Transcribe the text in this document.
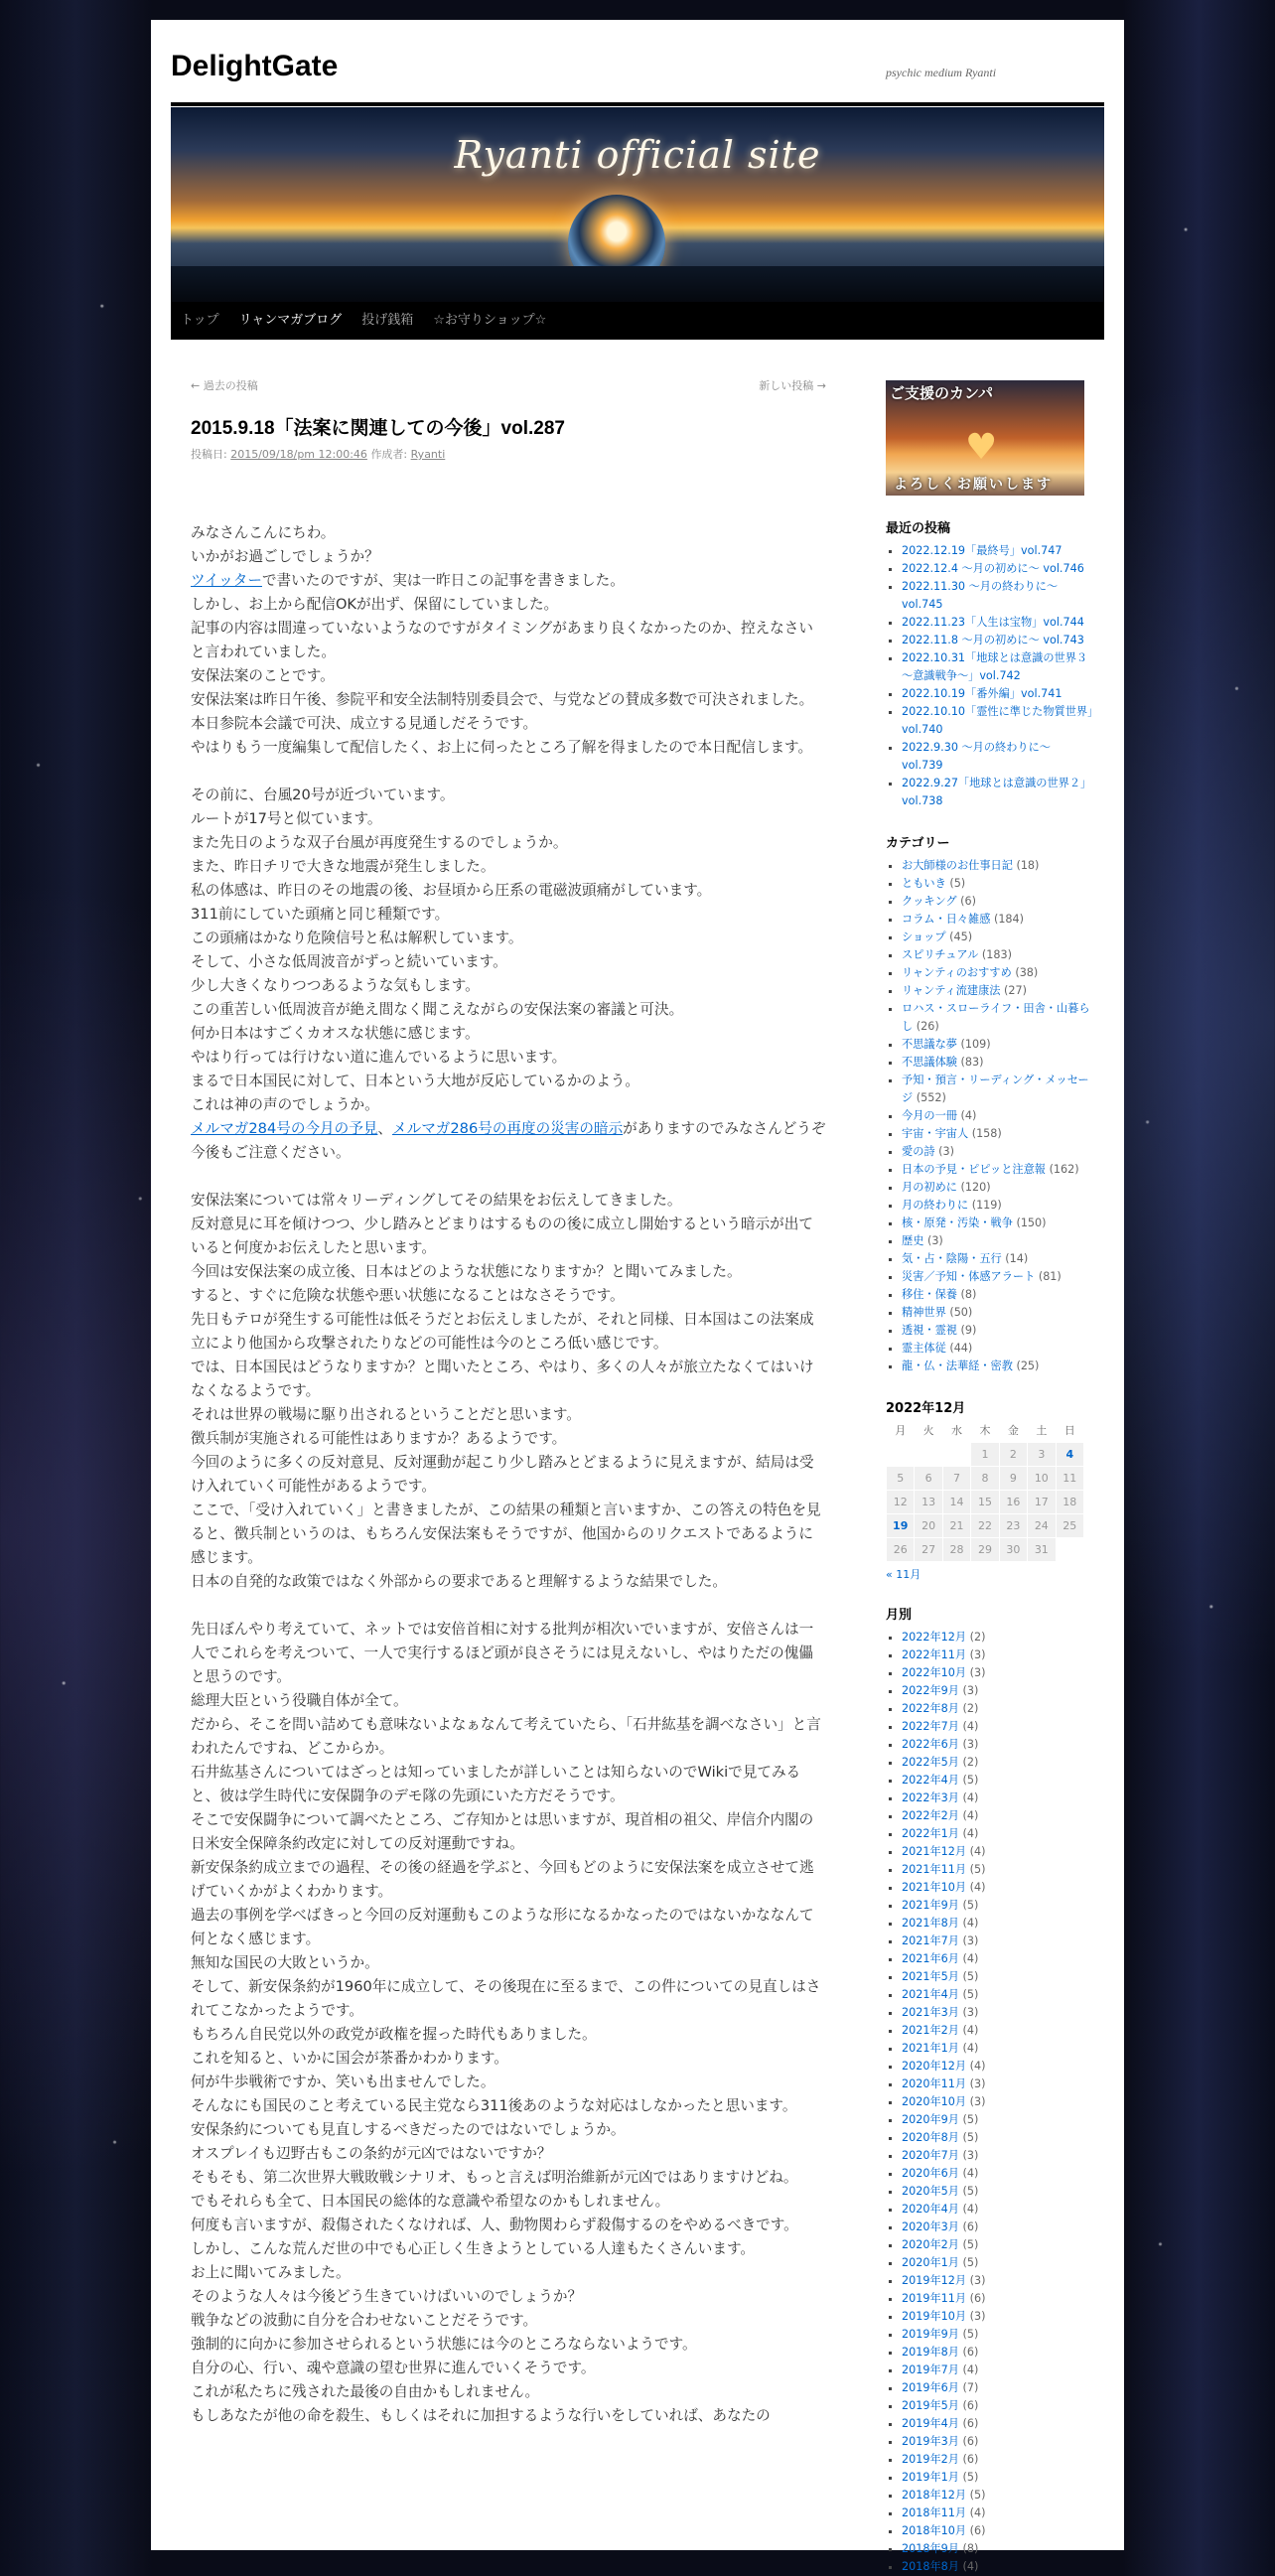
DelightGate	psychic medium Ryanti
Ryanti official site
トップ リャンマガブログ 投げ銭箱 ☆お守りショップ☆
← 過去の投稿	新しい投稿 →
2015.9.18「法案に関連しての今後」vol.287
投稿日: 2015/09/18/pm 12:00:46 作成者: Ryanti

みなさんこんにちわ。

いかがお過ごしでしょうか？

ツイッターで書いたのですが、実は一昨日この記事を書きました。

しかし、お上から配信OKが出ず、保留にしていました。

記事の内容は間違っていないようなのですがタイミングがあまり良くなかったのか、控えなさいと言われていました。

安保法案のことです。

安保法案は昨日午後、参院平和安全法制特別委員会で、与党などの賛成多数で可決されました。

本日参院本会議で可決、成立する見通しだそうです。

やはりもう一度編集して配信したく、お上に伺ったところ了解を得ましたので本日配信します。

その前に、台風20号が近づいています。

ルートが17号と似ています。

また先日のような双子台風が再度発生するのでしょうか。

また、昨日チリで大きな地震が発生しました。

私の体感は、昨日のその地震の後、お昼頃から圧系の電磁波頭痛がしています。

311前にしていた頭痛と同じ種類です。

この頭痛はかなり危険信号と私は解釈しています。

そして、小さな低周波音がずっと続いています。

少し大きくなりつつあるような気もします。

この重苦しい低周波音が絶え間なく聞こえながらの安保法案の審議と可決。

何か日本はすごくカオスな状態に感じます。

やはり行っては行けない道に進んでいるように思います。

まるで日本国民に対して、日本という大地が反応しているかのよう。

これは神の声のでしょうか。

メルマガ284号の今月の予見、メルマガ286号の再度の災害の暗示がありますのでみなさんどうぞ今後もご注意ください。

安保法案については常々リーディングしてその結果をお伝えしてきました。

反対意見に耳を傾けつつ、少し踏みとどまりはするものの後に成立し開始するという暗示が出ていると何度かお伝えしたと思います。

今回は安保法案の成立後、日本はどのような状態になりますか？と聞いてみました。

すると、すぐに危険な状態や悪い状態になることはなさそうです。

先日もテロが発生する可能性は低そうだとお伝えしましたが、それと同様、日本国はこの法案成立により他国から攻撃されたりなどの可能性は今のところ低い感じです。

では、日本国民はどうなりますか？と聞いたところ、やはり、多くの人々が旅立たなくてはいけなくなるようです。

それは世界の戦場に駆り出されるということだと思います。

徴兵制が実施される可能性はありますか？あるようです。

今回のように多くの反対意見、反対運動が起こり少し踏みとどまるように見えますが、結局は受け入れていく可能性があるようです。

ここで、「受け入れていく」と書きましたが、この結果の種類と言いますか、この答えの特色を見ると、徴兵制というのは、もちろん安保法案もそうですが、他国からのリクエストであるように感じます。

日本の自発的な政策ではなく外部からの要求であると理解するような結果でした。

先日ぼんやり考えていて、ネットでは安倍首相に対する批判が相次いでいますが、安倍さんは一人でこれらを考えついて、一人で実行するほど頭が良さそうには見えないし、やはりただの傀儡と思うのです。

総理大臣という役職自体が全て。

だから、そこを問い詰めても意味ないよなぁなんて考えていたら、「石井紘基を調べなさい」と言われたんですね、どこからか。

石井紘基さんについてはざっとは知っていましたが詳しいことは知らないのでWikiで見てみると、彼は学生時代に安保闘争のデモ隊の先頭にいた方だそうです。

そこで安保闘争について調べたところ、ご存知かとは思いますが、現首相の祖父、岸信介内閣の日米安全保障条約改定に対しての反対運動ですね。

新安保条約成立までの過程、その後の経過を学ぶと、今回もどのように安保法案を成立させて逃げていくかがよくわかります。

過去の事例を学べばきっと今回の反対運動もこのような形になるかなったのではないかななんて何となく感じます。

無知な国民の大敗というか。

そして、新安保条約が1960年に成立して、その後現在に至るまで、この件についての見直しはされてこなかったようです。

もちろん自民党以外の政党が政権を握った時代もありました。

これを知ると、いかに国会が茶番かわかります。

何が牛歩戦術ですか、笑いも出ませんでした。

そんなにも国民のこと考えている民主党なら311後あのような対応はしなかったと思います。

安保条約についても見直しするべきだったのではないでしょうか。

オスプレイも辺野古もこの条約が元凶ではないですか？

そもそも、第二次世界大戦敗戦シナリオ、もっと言えば明治維新が元凶ではありますけどね。

でもそれらも全て、日本国民の総体的な意識や希望なのかもしれません。

何度も言いますが、殺傷されたくなければ、人、動物関わらず殺傷するのをやめるべきです。

しかし、こんな荒んだ世の中でも心正しく生きようとしている人達もたくさんいます。

お上に聞いてみました。

そのような人々は今後どう生きていけばいいのでしょうか？

戦争などの波動に自分を合わせないことだそうです。

強制的に向かに参加させられるという状態には今のところならないようです。

自分の心、行い、魂や意識の望む世界に進んでいくそうです。

これが私たちに残された最後の自由かもしれません。

もしあなたが他の命を殺生、もしくはそれに加担するような行いをしていれば、あなたの

ご支援のカンパ
♥
よろしくお願いします
最近の投稿
▪ 2022.12.19「最終号」vol.747
▪ 2022.12.4 ～月の初めに～ vol.746
▪ 2022.11.30 ～月の終わりに～ vol.745
▪ 2022.11.23「人生は宝物」vol.744
▪ 2022.11.8 ～月の初めに～ vol.743
▪ 2022.10.31「地球とは意識の世界３～意識戦争～」vol.742
▪ 2022.10.19「番外編」vol.741
▪ 2022.10.10「霊性に準じた物質世界」vol.740
▪ 2022.9.30 ～月の終わりに～ vol.739
▪ 2022.9.27「地球とは意識の世界２」vol.738
カテゴリー
▪ お大師様のお仕事日記 (18)
▪ ともいき (5)
▪ クッキング (6)
▪ コラム・日々雑感 (184)
▪ ショップ (45)
▪ スピリチュアル (183)
▪ リャンティのおすすめ (38)
▪ リャンティ流建康法 (27)
▪ ロハス・スローライフ・田舎・山暮らし (26)
▪ 不思議な夢 (109)
▪ 不思議体験 (83)
▪ 予知・預言・リーディング・メッセージ (552)
▪ 今月の一冊 (4)
▪ 宇宙・宇宙人 (158)
▪ 愛の詩 (3)
▪ 日本の予見・ピピッと注意報 (162)
▪ 月の初めに (120)
▪ 月の終わりに (119)
▪ 核・原発・汚染・戦争 (150)
▪ 歴史 (3)
▪ 気・占・陰陽・五行 (14)
▪ 災害／予知・体感アラート (81)
▪ 移住・保養 (8)
▪ 精神世界 (50)
▪ 透視・霊視 (9)
▪ 霊主体従 (44)
▪ 龍・仏・法華経・密教 (25)
2022年12月
月	火	水	木	金	土	日
			1	2	3	4
5	6	7	8	9	10	11
12	13	14	15	16	17	18
19	20	21	22	23	24	25
26	27	28	29	30	31	
« 11月
月別
▪ 2022年12月 (2)
▪ 2022年11月 (3)
▪ 2022年10月 (3)
▪ 2022年9月 (3)
▪ 2022年8月 (2)
▪ 2022年7月 (4)
▪ 2022年6月 (3)
▪ 2022年5月 (2)
▪ 2022年4月 (5)
▪ 2022年3月 (4)
▪ 2022年2月 (4)
▪ 2022年1月 (4)
▪ 2021年12月 (4)
▪ 2021年11月 (5)
▪ 2021年10月 (4)
▪ 2021年9月 (5)
▪ 2021年8月 (4)
▪ 2021年7月 (3)
▪ 2021年6月 (4)
▪ 2021年5月 (5)
▪ 2021年4月 (5)
▪ 2021年3月 (3)
▪ 2021年2月 (4)
▪ 2021年1月 (4)
▪ 2020年12月 (4)
▪ 2020年11月 (3)
▪ 2020年10月 (3)
▪ 2020年9月 (5)
▪ 2020年8月 (5)
▪ 2020年7月 (3)
▪ 2020年6月 (4)
▪ 2020年5月 (5)
▪ 2020年4月 (4)
▪ 2020年3月 (6)
▪ 2020年2月 (5)
▪ 2020年1月 (5)
▪ 2019年12月 (3)
▪ 2019年11月 (6)
▪ 2019年10月 (3)
▪ 2019年9月 (5)
▪ 2019年8月 (6)
▪ 2019年7月 (4)
▪ 2019年6月 (7)
▪ 2019年5月 (6)
▪ 2019年4月 (6)
▪ 2019年3月 (6)
▪ 2019年2月 (6)
▪ 2019年1月 (5)
▪ 2018年12月 (5)
▪ 2018年11月 (4)
▪ 2018年10月 (6)
▪ 2018年9月 (8)
▪ 2018年8月 (4)
